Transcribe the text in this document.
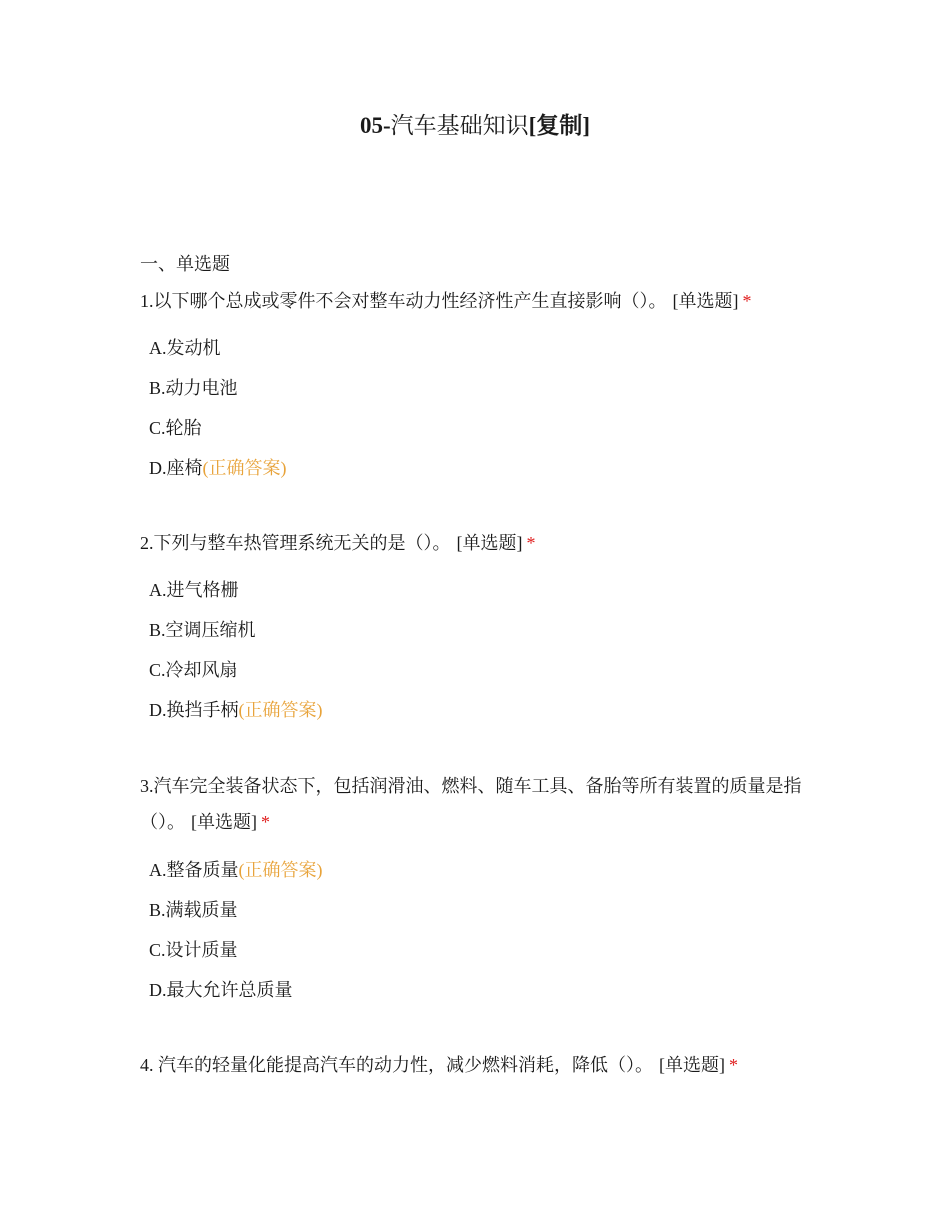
05-汽车基础知识[复制]
一、单选题
1.以下哪个总成或零件不会对整车动力性经济性产生直接影响（）。 [单选题] *
A.发动机
B.动力电池
C.轮胎
D.座椅(正确答案)
2.下列与整车热管理系统无关的是（）。 [单选题] *
A.进气格栅
B.空调压缩机
C.冷却风扇
D.换挡手柄(正确答案)
3.汽车完全装备状态下，包括润滑油、燃料、随车工具、备胎等所有装置的质量是指（）。 [单选题] *
A.整备质量(正确答案)
B.满载质量
C.设计质量
D.最大允许总质量
4. 汽车的轻量化能提高汽车的动力性，减少燃料消耗，降低（）。 [单选题] *
